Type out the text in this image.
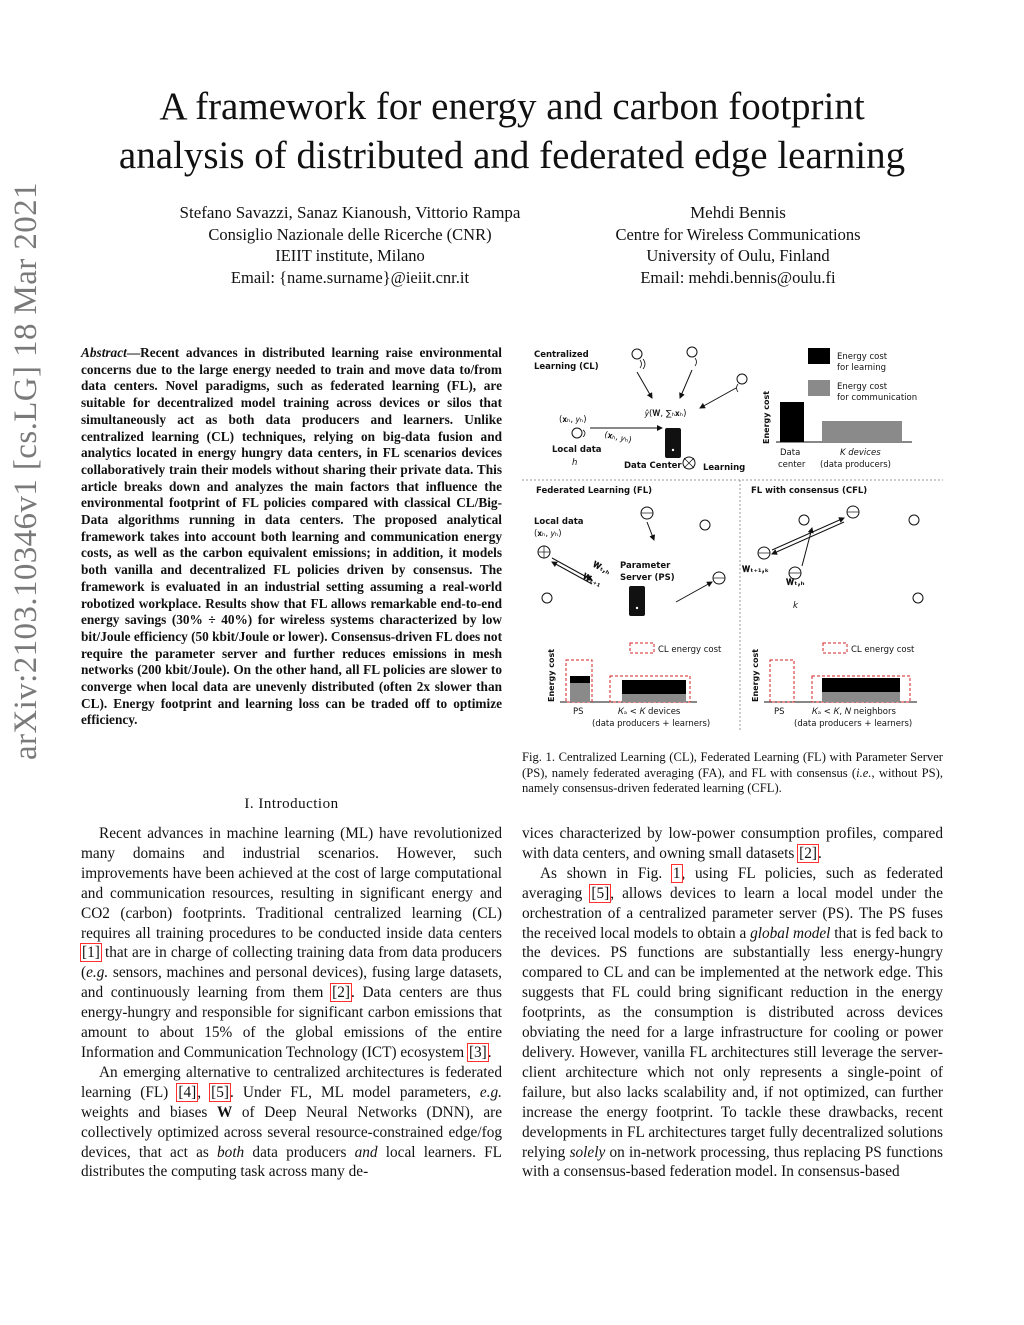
arXiv:2103.10346v1 [cs.LG] 18 Mar 2021
A framework for energy and carbon footprint
analysis of distributed and federated edge learning
Stefano Savazzi, Sanaz Kianoush, Vittorio Rampa
Consiglio Nazionale delle Ricerche (CNR)
IEIIT institute, Milano
Email: {name.surname}@ieiit.cnr.it
Mehdi Bennis
Centre for Wireless Communications
University of Oulu, Finland
Email: mehdi.bennis@oulu.fi
Abstract—Recent advances in distributed learning raise environmental concerns due to the large energy needed to train and move data to/from data centers. Novel paradigms, such as federated learning (FL), are suitable for decentralized model training across devices or silos that simultaneously act as both data producers and learners. Unlike centralized learning (CL) techniques, relying on big-data fusion and analytics located in energy hungry data centers, in FL scenarios devices collaboratively train their models without sharing their private data. This article breaks down and analyzes the main factors that influence the environmental footprint of FL policies compared with classical CL/Big-Data algorithms running in data centers. The proposed analytical framework takes into account both learning and communication energy costs, as well as the carbon equivalent emissions; in addition, it models both vanilla and decentralized FL policies driven by consensus. The framework is evaluated in an industrial setting assuming a real-world robotized workplace. Results show that FL allows remarkable end-to-end energy savings (30% ÷ 40%) for wireless systems characterized by low bit/Joule efficiency (50 kbit/Joule or lower). Consensus-driven FL does not require the parameter server and further reduces emissions in mesh networks (200 kbit/Joule). On the other hand, all FL policies are slower to converge when local data are unevenly distributed (often 2x slower than CL). Energy footprint and learning loss can be traded off to optimize efficiency.
I. Introduction

Recent advances in machine learning (ML) have revolutionized many domains and industrial scenarios. However, such improvements have been achieved at the cost of large computational and communication resources, resulting in significant energy and CO2 (carbon) footprints. Traditional centralized learning (CL) requires all training procedures to be conducted inside data centers [1] that are in charge of collecting training data from data producers (e.g. sensors, machines and personal devices), fusing large datasets, and continuously learning from them [2]. Data centers are thus energy-hungry and responsible for significant carbon emissions that amount to about 15% of the global emissions of the entire Information and Communication Technology (ICT) ecosystem [3].

An emerging alternative to centralized architectures is federated learning (FL) [4], [5]. Under FL, ML model parameters, e.g. weights and biases W of Deep Neural Networks (DNN), are collectively optimized across several resource-constrained edge/fog devices, that act as both data producers and local learners. FL distributes the computing task across many de-

vices characterized by low-power consumption profiles, compared with data centers, and owning small datasets [2].

As shown in Fig. 1, using FL policies, such as federated averaging [5], allows devices to learn a local model under the orchestration of a centralized parameter server (PS). The PS fuses the received local models to obtain a global model that is fed back to the devices. PS functions are substantially less energy-hungry compared to CL and can be implemented at the network edge. This suggests that FL could bring significant reduction in the energy footprints, as the consumption is distributed across devices obviating the need for a large infrastructure for cooling or power delivery. However, vanilla FL architectures still leverage the server-client architecture which not only represents a single-point of failure, but also lacks scalability and, if not optimized, can further increase the energy footprint. To tackle these drawbacks, recent developments in FL architectures target fully decentralized solutions relying solely on in-network processing, thus replacing PS functions with a consensus-based federation model. In consensus-based

Centralized
Learning (CL)
(𝐱ₕ, 𝑦ₕ)
Local data
h
𝑦̂(𝐖, ∑ₕ𝐱ₕ)
(𝐱ₕ, 𝑦ₕ)
Data Center	Learning
Energy cost
Energy cost
for learning
Energy cost
for communication
Data
center
K devices
(data producers)
Federated Learning (FL)
Local data
(𝐱ₕ, 𝑦ₕ)
𝐖ₜ,ₕ
𝐖ₜ₊₁
Parameter
Server (PS)
Energy cost	CL energy cost
PS	𝐾ₐ < 𝐾 devices
(data producers + learners)
FL with consensus (CFL)
𝐖ₜ₊₁,ₖ
𝐖ₜ,ₕ
k
Energy cost	CL energy cost
PS	𝐾ₐ < 𝐾, 𝑁 neighbors
(data producers + learners)
Fig. 1. Centralized Learning (CL), Federated Learning (FL) with Parameter Server (PS), namely federated averaging (FA), and FL with consensus (i.e., without PS), namely consensus-driven federated learning (CFL).
